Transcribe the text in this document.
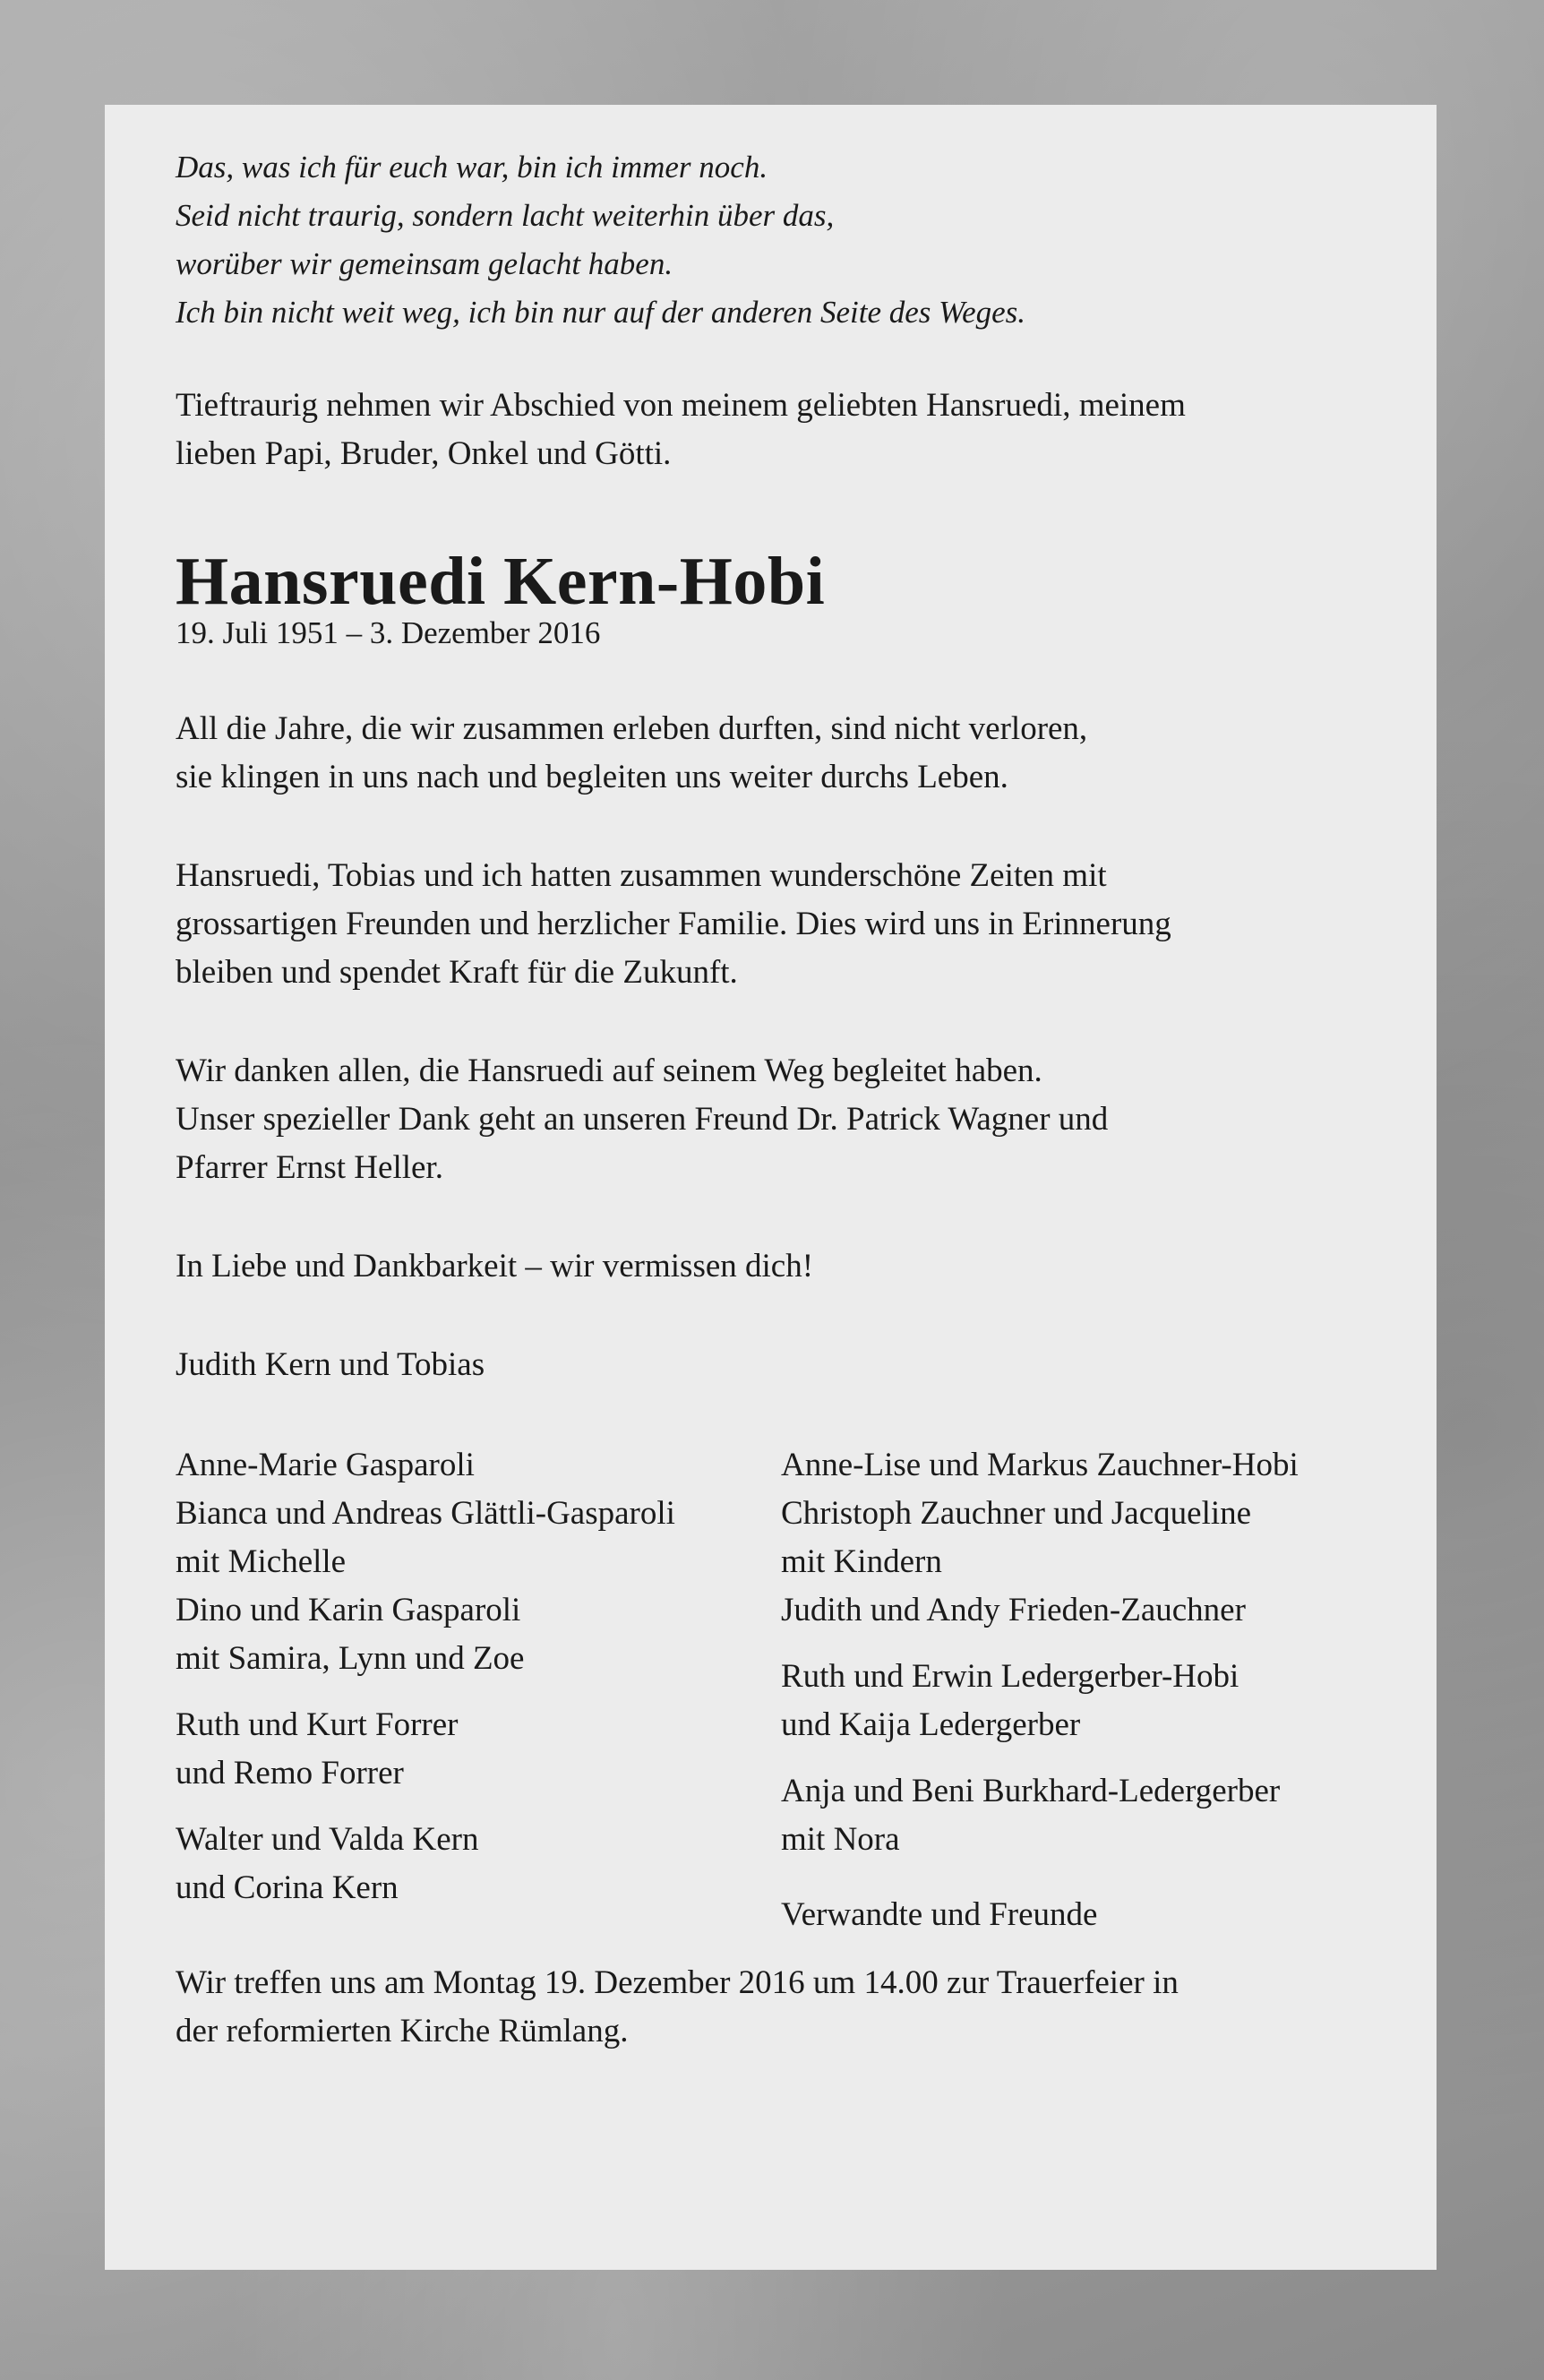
Das, was ich für euch war, bin ich immer noch.
Seid nicht traurig, sondern lacht weiterhin über das,
worüber wir gemeinsam gelacht haben.
Ich bin nicht weit weg, ich bin nur auf der anderen Seite des Weges.
Tieftraurig nehmen wir Abschied von meinem geliebten Hansruedi, meinem
lieben Papi, Bruder, Onkel und Götti.
Hansruedi Kern-Hobi
19. Juli 1951 – 3. Dezember 2016
All die Jahre, die wir zusammen erleben durften, sind nicht verloren,
sie klingen in uns nach und begleiten uns weiter durchs Leben.
Hansruedi, Tobias und ich hatten zusammen wunderschöne Zeiten mit
grossartigen Freunden und herzlicher Familie. Dies wird uns in Erinnerung
bleiben und spendet Kraft für die Zukunft.
Wir danken allen, die Hansruedi auf seinem Weg begleitet haben.
Unser spezieller Dank geht an unseren Freund Dr. Patrick Wagner und
Pfarrer Ernst Heller.
In Liebe und Dankbarkeit – wir vermissen dich!
Judith Kern und Tobias
Anne-Marie Gasparoli
Bianca und Andreas Glättli-Gasparoli
mit Michelle
Dino und Karin Gasparoli
mit Samira, Lynn und Zoe
Ruth und Kurt Forrer
und Remo Forrer
Walter und Valda Kern
und Corina Kern
Anne-Lise und Markus Zauchner-Hobi
Christoph Zauchner und Jacqueline
mit Kindern
Judith und Andy Frieden-Zauchner
Ruth und Erwin Ledergerber-Hobi
und Kaija Ledergerber
Anja und Beni Burkhard-Ledergerber
mit Nora
Verwandte und Freunde
Wir treffen uns am Montag 19. Dezember 2016 um 14.00 zur Trauerfeier in
der reformierten Kirche Rümlang.
